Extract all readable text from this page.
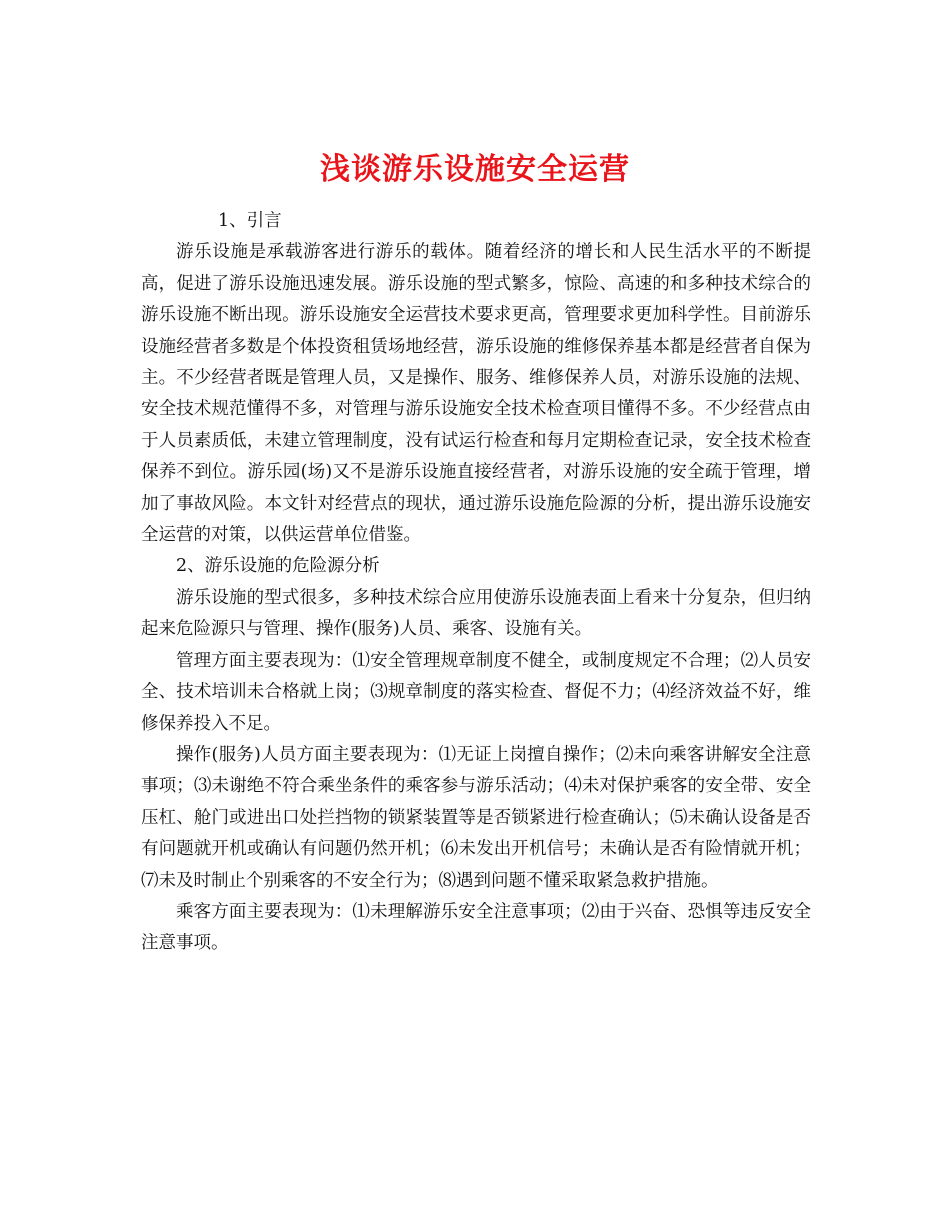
浅谈游乐设施安全运营

1、引言

游乐设施是承载游客进行游乐的载体。随着经济的增长和人民生活水平的不断提高，促进了游乐设施迅速发展。游乐设施的型式繁多，惊险、高速的和多种技术综合的游乐设施不断出现。游乐设施安全运营技术要求更高，管理要求更加科学性。目前游乐设施经营者多数是个体投资租赁场地经营，游乐设施的维修保养基本都是经营者自保为主。不少经营者既是管理人员，又是操作、服务、维修保养人员，对游乐设施的法规、安全技术规范懂得不多，对管理与游乐设施安全技术检查项目懂得不多。不少经营点由于人员素质低，未建立管理制度，没有试运行检查和每月定期检查记录，安全技术检查保养不到位。游乐园(场)又不是游乐设施直接经营者，对游乐设施的安全疏于管理，增加了事故风险。本文针对经营点的现状，通过游乐设施危险源的分析，提出游乐设施安全运营的对策，以供运营单位借鉴。

2、游乐设施的危险源分析

游乐设施的型式很多，多种技术综合应用使游乐设施表面上看来十分复杂，但归纳起来危险源只与管理、操作(服务)人员、乘客、设施有关。

管理方面主要表现为：⑴安全管理规章制度不健全，或制度规定不合理；⑵人员安全、技术培训未合格就上岗；⑶规章制度的落实检查、督促不力；⑷经济效益不好，维修保养投入不足。

操作(服务)人员方面主要表现为：⑴无证上岗擅自操作；⑵未向乘客讲解安全注意事项；⑶未谢绝不符合乘坐条件的乘客参与游乐活动；⑷未对保护乘客的安全带、安全压杠、舱门或进出口处拦挡物的锁紧装置等是否锁紧进行检查确认；⑸未确认设备是否有问题就开机或确认有问题仍然开机；⑹未发出开机信号；未确认是否有险情就开机；⑺未及时制止个别乘客的不安全行为；⑻遇到问题不懂采取紧急救护措施。

乘客方面主要表现为：⑴未理解游乐安全注意事项；⑵由于兴奋、恐惧等违反安全注意事项。
